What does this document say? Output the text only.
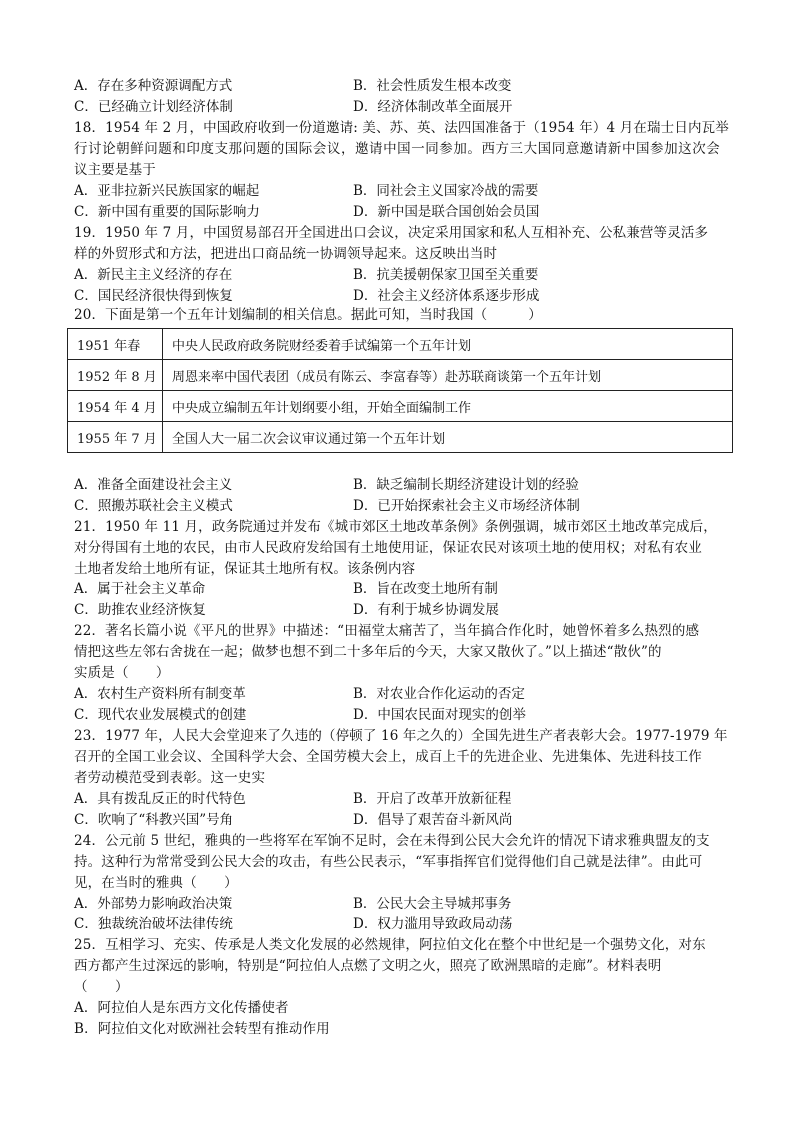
A．存在多种资源调配方式	B．社会性质发生根本改变
C．已经确立计划经济体制	D．经济体制改革全面展开
18．1954 年 2 月，中国政府收到一份道邀请: 美、苏、英、法四国准备于（1954 年）4 月在瑞士日内瓦举
行讨论朝鲜问题和印度支那问题的国际会议，邀请中国一同参加。西方三大国同意邀请新中国参加这次会
议主要是基于
A．亚非拉新兴民族国家的崛起	B．同社会主义国家冷战的需要
C．新中国有重要的国际影响力	D．新中国是联合国创始会员国
19．1950 年 7 月，中国贸易部召开全国进出口会议，决定采用国家和私人互相补充、公私兼营等灵活多
样的外贸形式和方法，把进出口商品统一协调领导起来。这反映出当时
A．新民主主义经济的存在	B．抗美援朝保家卫国至关重要
C．国民经济很快得到恢复	D．社会主义经济体系逐步形成
20．下面是第一个五年计划编制的相关信息。据此可知，当时我国（　　　）
1951 年春	中央人民政府政务院财经委着手试编第一个五年计划
1952 年 8 月	周恩来率中国代表团（成员有陈云、李富春等）赴苏联商谈第一个五年计划
1954 年 4 月	中央成立编制五年计划纲要小组，开始全面编制工作
1955 年 7 月	全国人大一届二次会议审议通过第一个五年计划
A．准备全面建设社会主义	B．缺乏编制长期经济建设计划的经验
C．照搬苏联社会主义模式	D．已开始探索社会主义市场经济体制
21．1950 年 11 月，政务院通过并发布《城市郊区土地改革条例》条例强调，城市郊区土地改革完成后，
对分得国有土地的农民，由市人民政府发给国有土地使用证，保证农民对该项土地的使用权；对私有农业
土地者发给土地所有证，保证其土地所有权。该条例内容
A．属于社会主义革命	B．旨在改变土地所有制
C．助推农业经济恢复	D．有利于城乡协调发展
22．著名长篇小说《平凡的世界》中描述：“田福堂太痛苦了，当年搞合作化时，她曾怀着多么热烈的感
情把这些左邻右舍拢在一起；做梦也想不到二十多年后的今天，大家又散伙了。”以上描述“散伙”的
实质是（　　）
A．农村生产资料所有制变革	B．对农业合作化运动的否定
C．现代农业发展模式的创建	D．中国农民面对现实的创举
23．1977 年，人民大会堂迎来了久违的（停顿了 16 年之久的）全国先进生产者表彰大会。1977-1979 年
召开的全国工业会议、全国科学大会、全国劳模大会上，成百上千的先进企业、先进集体、先进科技工作
者劳动模范受到表彰。这一史实
A．具有拨乱反正的时代特色	B．开启了改革开放新征程
C．吹响了“科教兴国”号角	D．倡导了艰苦奋斗新风尚
24．公元前 5 世纪，雅典的一些将军在军饷不足时，会在未得到公民大会允许的情况下请求雅典盟友的支
持。这种行为常常受到公民大会的攻击，有些公民表示，“军事指挥官们觉得他们自己就是法律”。由此可
见，在当时的雅典（　　）
A．外部势力影响政治决策	B．公民大会主导城邦事务
C．独裁统治破坏法律传统	D．权力滥用导致政局动荡
25．互相学习、充实、传承是人类文化发展的必然规律，阿拉伯文化在整个中世纪是一个强势文化，对东
西方都产生过深远的影响，特别是“阿拉伯人点燃了文明之火，照亮了欧洲黑暗的走廊”。材料表明
（　　）
A．阿拉伯人是东西方文化传播使者
B．阿拉伯文化对欧洲社会转型有推动作用
